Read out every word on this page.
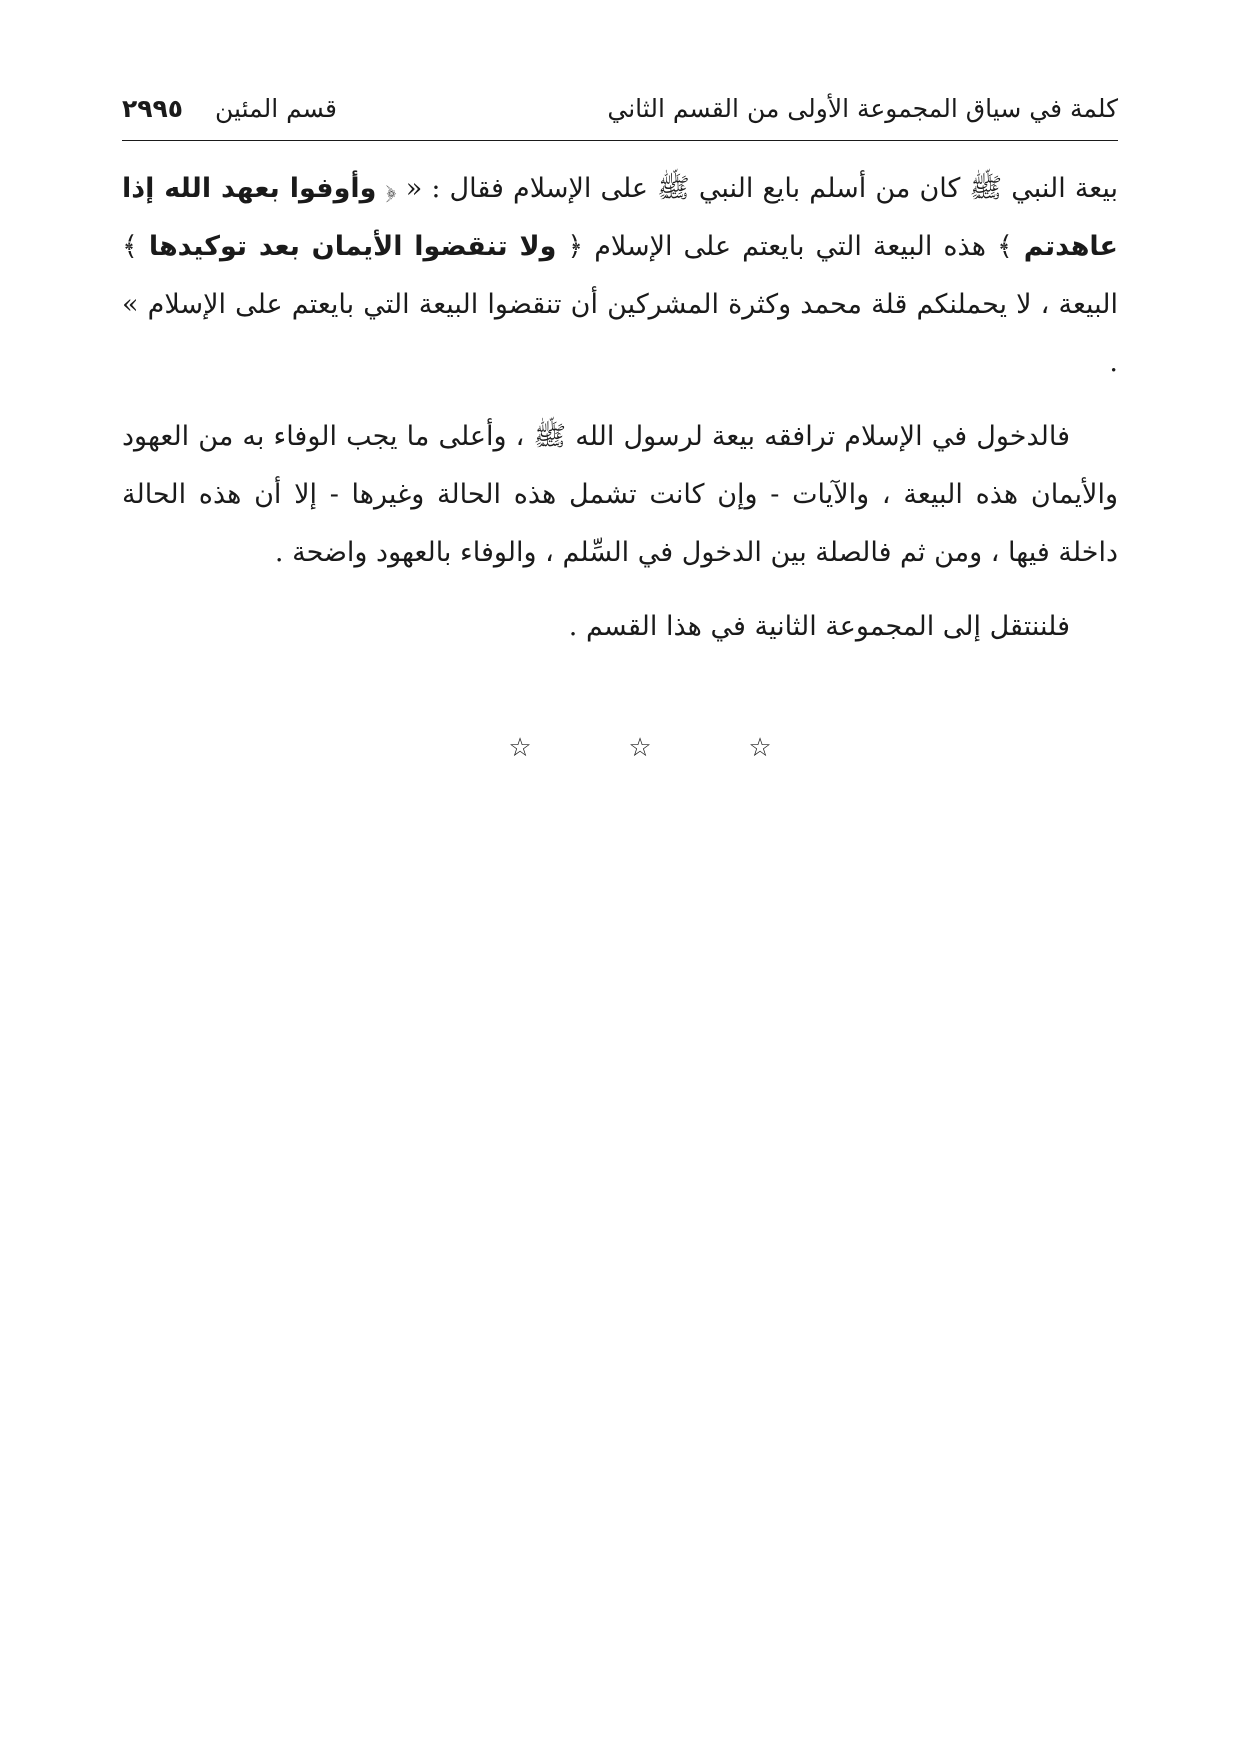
كلمة في سياق المجموعة الأولى من القسم الثاني
قسم المئين ٢٩٩٥

بيعة النبي ﷺ كان من أسلم بايع النبي ﷺ على الإسلام فقال : « ﴿ وأوفوا بعهد الله إذا عاهدتم ﴾ هذه البيعة التي بايعتم على الإسلام ﴿ ولا تنقضوا الأيمان بعد توكيدها ﴾ البيعة ، لا يحملنكم قلة محمد وكثرة المشركين أن تنقضوا البيعة التي بايعتم على الإسلام » .

فالدخول في الإسلام ترافقه بيعة لرسول الله ﷺ ، وأعلى ما يجب الوفاء به من العهود والأيمان هذه البيعة ، والآيات - وإن كانت تشمل هذه الحالة وغيرها - إلا أن هذه الحالة داخلة فيها ، ومن ثم فالصلة بين الدخول في السِّلم ، والوفاء بالعهود واضحة .

فلننتقل إلى المجموعة الثانية في هذا القسم .

☆	☆	☆
